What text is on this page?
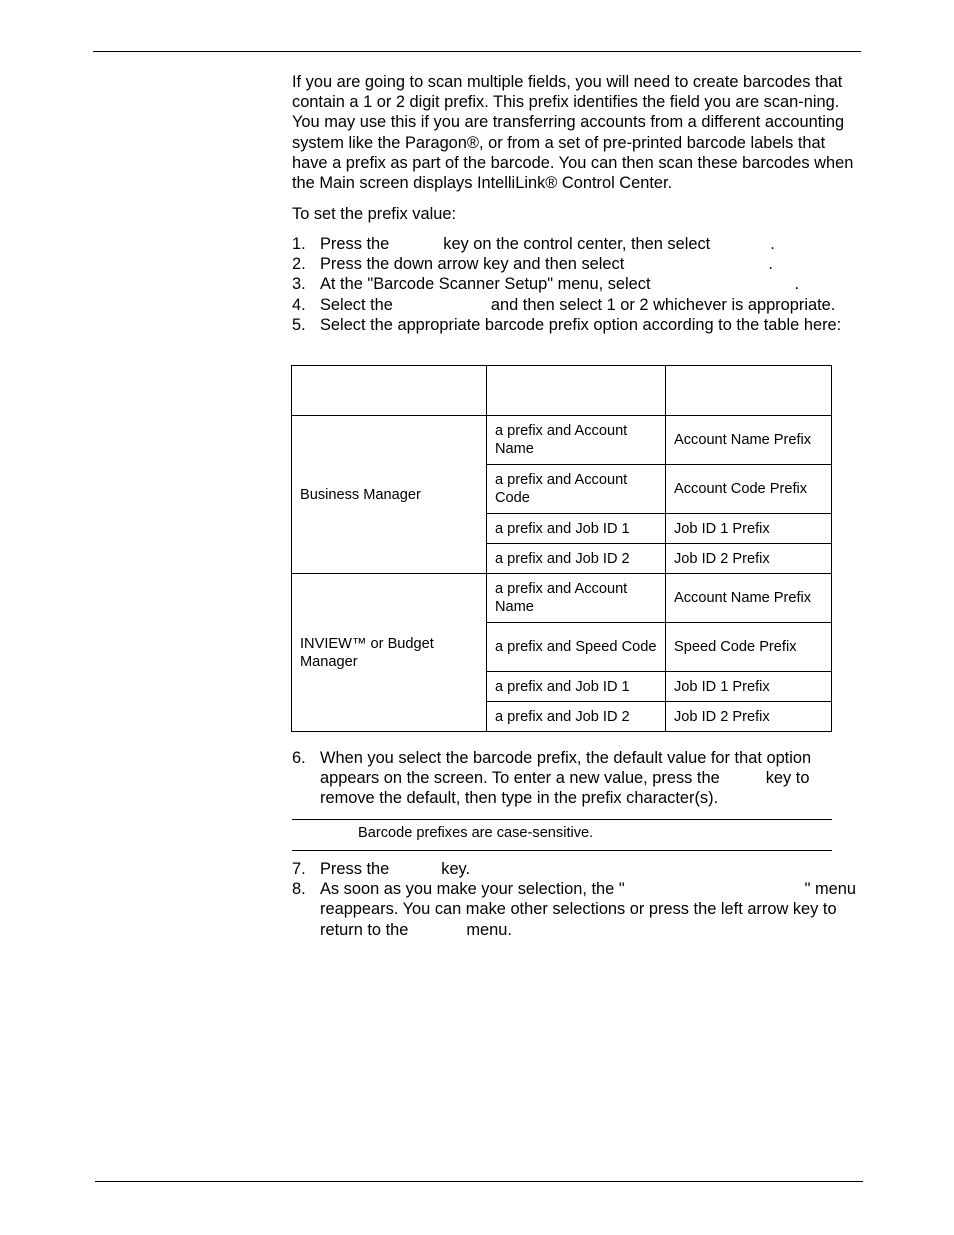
If you are going to scan multiple fields, you will need to create barcodes that contain a 1 or 2 digit prefix. This prefix identifies the field you are scan-ning. You may use this if you are transferring accounts from a different accounting system like the Paragon®, or from a set of pre-printed barcode labels that have a prefix as part of the barcode. You can then scan these barcodes when the Main screen displays IntelliLink® Control Center.

To set the prefix value:

1. Press the	key on the control center, then select	.
2. Press the down arrow key and then select	.
3. At the "Barcode Scanner Setup" menu, select	.
4. Select the	and then select 1 or 2 whichever is appropriate.
5. Select the appropriate barcode prefix option according to the table here:

Business Manager	a prefix and Account Name	Account Name Prefix
	a prefix and Account Code	Account Code Prefix
	a prefix and Job ID 1	Job ID 1 Prefix
	a prefix and Job ID 2	Job ID 2 Prefix
INVIEW™ or Budget Manager	a prefix and Account Name	Account Name Prefix
	a prefix and Speed Code	Speed Code Prefix
	a prefix and Job ID 1	Job ID 1 Prefix
	a prefix and Job ID 2	Job ID 2 Prefix
6. When you select the barcode prefix, the default value for that option appears on the screen. To enter a new value, press the	key to remove the default, then type in the prefix character(s).

Barcode prefixes are case-sensitive.

7. Press the	key.
8. As soon as you make your selection, the "	" menu reappears. You can make other selections or press the left arrow key to return to the	menu.
